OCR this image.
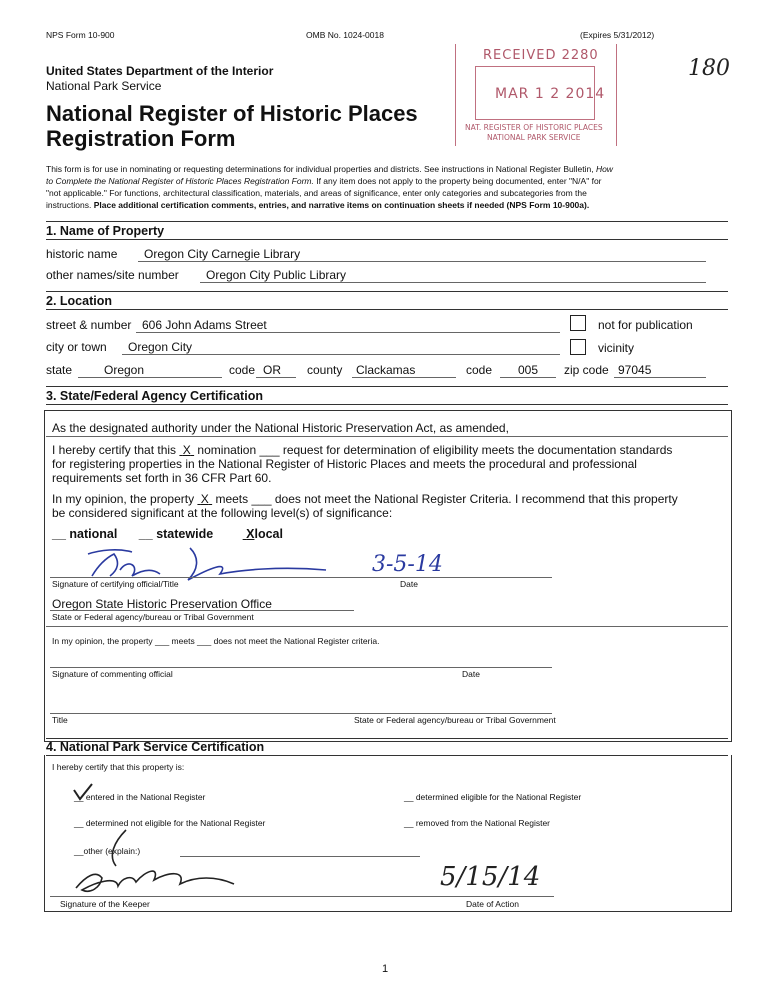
NPS Form 10-900	OMB No. 1024-0018	(Expires 5/31/2012)
RECEIVED 2280
MAR 1 2 2014
NAT. REGISTER OF HISTORIC PLACES
NATIONAL PARK SERVICE
180
United States Department of the Interior
National Park Service
National Register of Historic Places
Registration Form
This form is for use in nominating or requesting determinations for individual properties and districts. See instructions in National Register Bulletin, How
to Complete the National Register of Historic Places Registration Form. If any item does not apply to the property being documented, enter "N/A" for
"not applicable." For functions, architectural classification, materials, and areas of significance, enter only categories and subcategories from the
instructions. Place additional certification comments, entries, and narrative items on continuation sheets if needed (NPS Form 10-900a).
1. Name of Property
historic name Oregon City Carnegie Library
other names/site number Oregon City Public Library
2. Location
street & number 606 John Adams Street	not for publication
city or town Oregon City	vicinity
state	Oregon	code OR county Clackamas	code 005 zip code 97045
3. State/Federal Agency Certification
As the designated authority under the National Historic Preservation Act, as amended,
I hereby certify that this  X  nomination ___ request for determination of eligibility meets the documentation standards
for registering properties in the National Register of Historic Places and meets the procedural and professional
requirements set forth in 36 CFR Part 60.
In my opinion, the property  X  meets ___ does not meet the National Register Criteria. I recommend that this property
be considered significant at the following level(s) of significance:
__ national __ statewide	Xlocal
3-5-14
Signature of certifying official/Title	Date
Oregon State Historic Preservation Office
State or Federal agency/bureau or Tribal Government
In my opinion, the property ___ meets ___ does not meet the National Register criteria.
Signature of commenting official	Date
Title	State or Federal agency/bureau or Tribal Government
4. National Park Service Certification
I hereby certify that this property is:
__ entered in the National Register	__ determined eligible for the National Register
__ determined not eligible for the National Register	__ removed from the National Register
__other (explain:)
5/15/14
Signature of the Keeper	Date of Action
1
